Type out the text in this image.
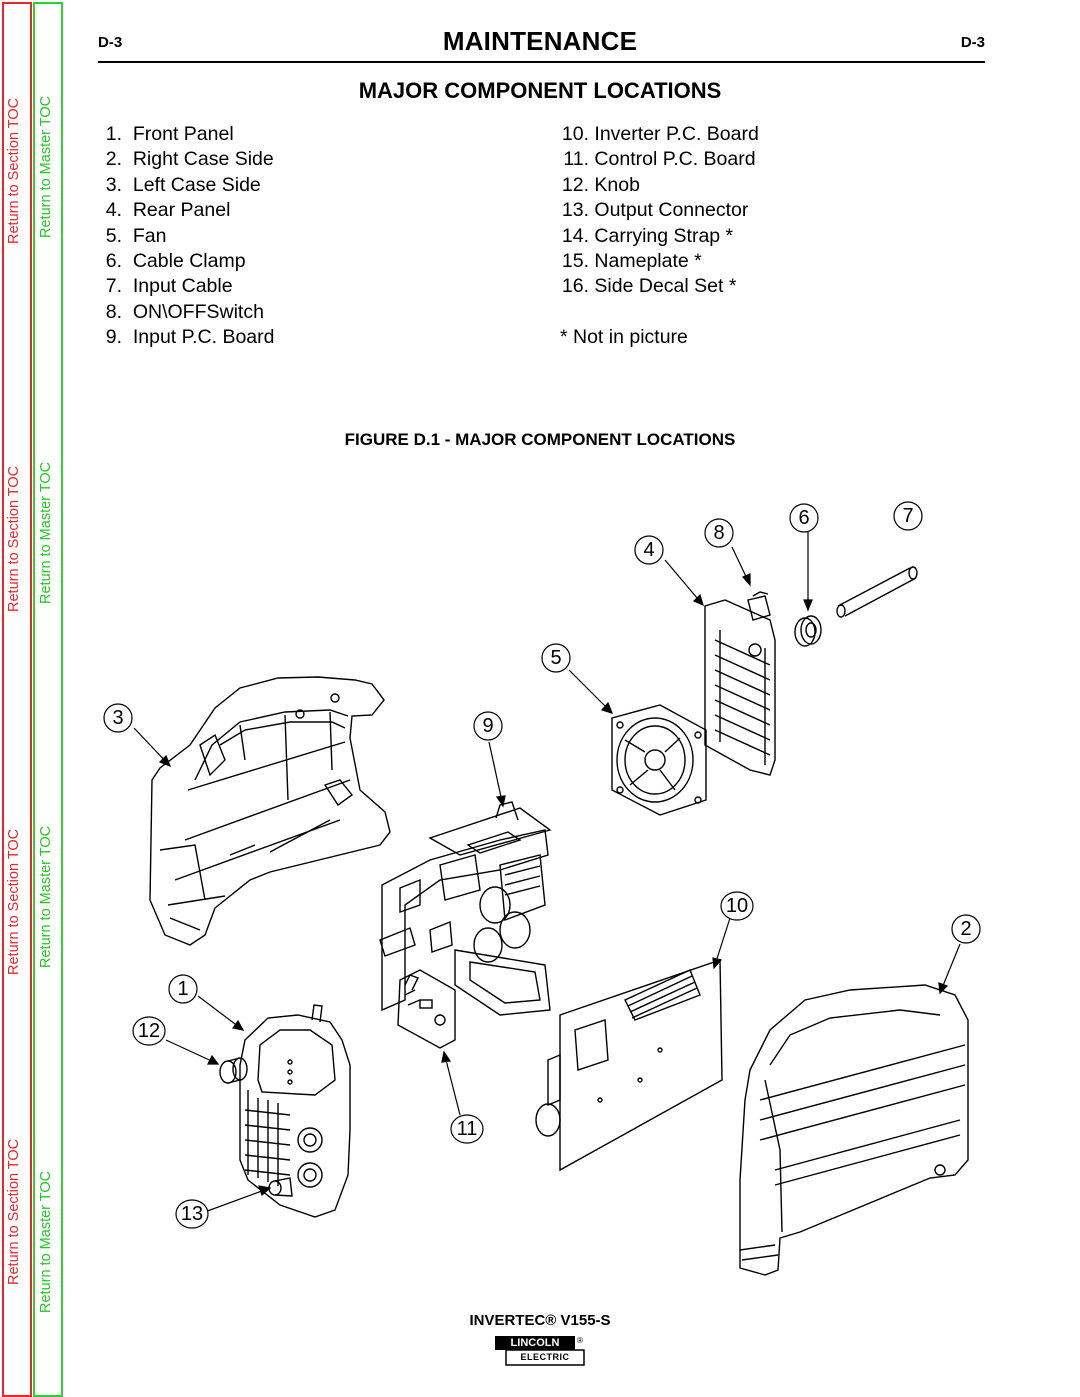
Return to Section TOC
Return to Section TOC
Return to Section TOC
Return to Section TOC
Return to Master TOC
Return to Master TOC
Return to Master TOC
Return to Master TOC
D-3	MAINTENANCE	D-3
MAJOR COMPONENT LOCATIONS
1. Front Panel
2. Right Case Side
3. Left Case Side
4. Rear Panel
5. Fan
6. Cable Clamp
7. Input Cable
8. ON\OFFSwitch
9. Input P.C. Board
10. Inverter P.C. Board
11. Control P.C. Board
12. Knob
13. Output Connector
14. Carrying Strap *
15. Nameplate *
16. Side Decal Set *
* Not in picture
FIGURE D.1 - MAJOR COMPONENT LOCATIONS
3
1
12
13
11
9
5
4
8
6	7
10
2
INVERTEC® V155-S
LINCOLN	®
ELECTRIC
